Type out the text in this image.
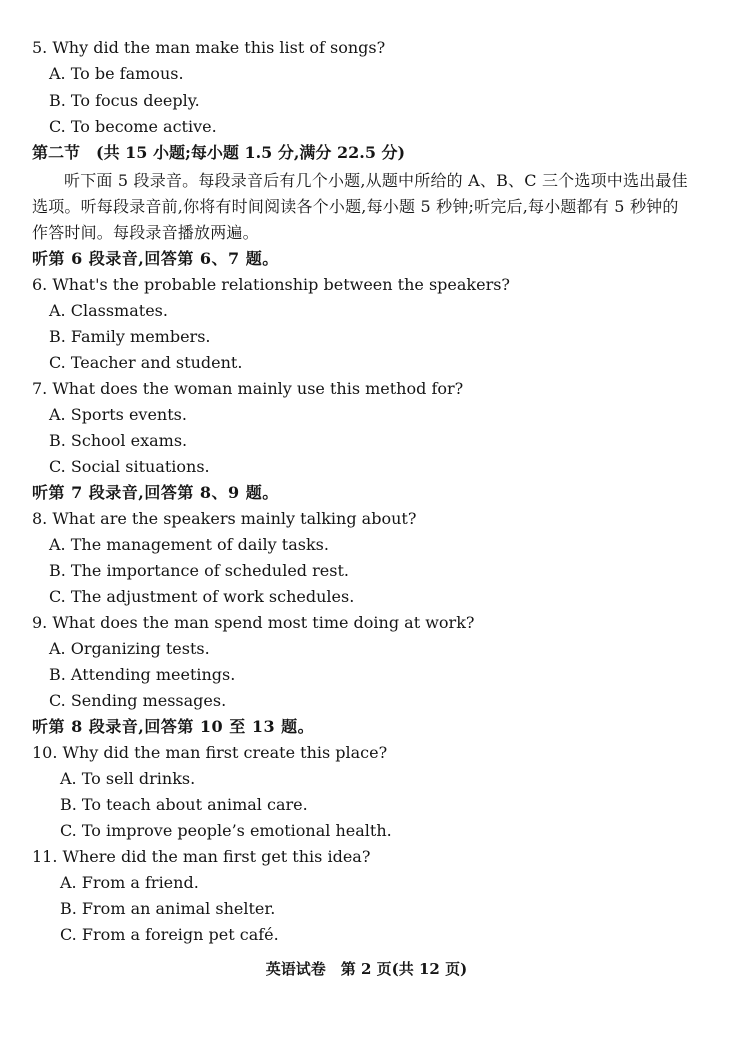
5. Why did the man make this list of songs?
A. To be famous.
B. To focus deeply.
C. To become active.
第二节　(共 15 小题;每小题 1.5 分,满分 22.5 分)
听下面 5 段录音。每段录音后有几个小题,从题中所给的 A、B、C 三个选项中选出最佳选项。听每段录音前,你将有时间阅读各个小题,每小题 5 秒钟;听完后,每小题都有 5 秒钟的作答时间。每段录音播放两遍。
听第 6 段录音,回答第 6、7 题。
6. What's the probable relationship between the speakers?
A. Classmates.
B. Family members.
C. Teacher and student.
7. What does the woman mainly use this method for?
A. Sports events.
B. School exams.
C. Social situations.
听第 7 段录音,回答第 8、9 题。
8. What are the speakers mainly talking about?
A. The management of daily tasks.
B. The importance of scheduled rest.
C. The adjustment of work schedules.
9. What does the man spend most time doing at work?
A. Organizing tests.
B. Attending meetings.
C. Sending messages.
听第 8 段录音,回答第 10 至 13 题。
10. Why did the man first create this place?
A. To sell drinks.
B. To teach about animal care.
C. To improve people’s emotional health.
11. Where did the man first get this idea?
A. From a friend.
B. From an animal shelter.
C. From a foreign pet café.
英语试卷　第 2 页(共 12 页)
